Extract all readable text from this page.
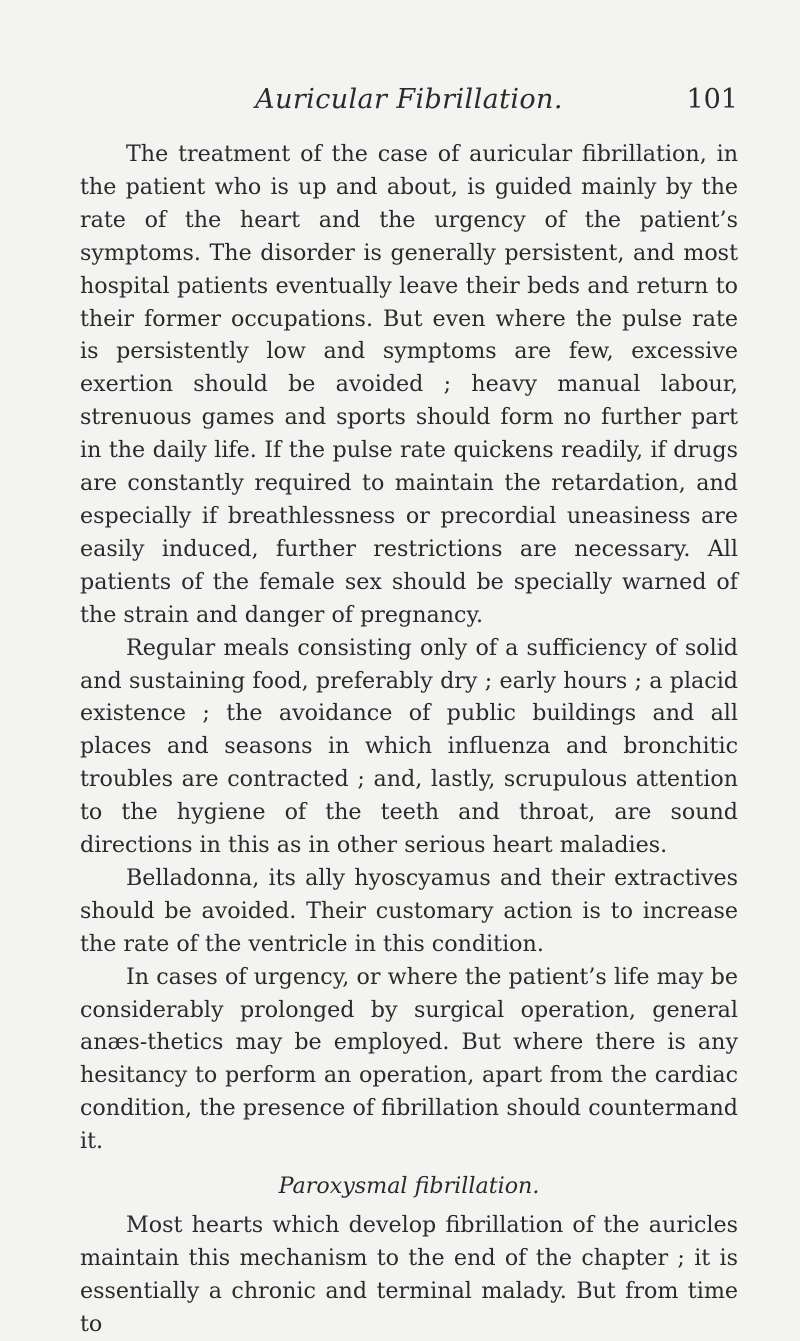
Auricular Fibrillation.	101

The treatment of the case of auricular fibrillation, in the patient who is up and about, is guided mainly by the rate of the heart and the urgency of the patient’s symptoms. The disorder is generally persistent, and most hospital patients eventually leave their beds and return to their former occupations. But even where the pulse rate is persistently low and symptoms are few, excessive exertion should be avoided ; heavy manual labour, strenuous games and sports should form no further part in the daily life. If the pulse rate quickens readily, if drugs are constantly required to maintain the retardation, and especially if breathlessness or precordial uneasiness are easily induced, further restrictions are necessary. All patients of the female sex should be specially warned of the strain and danger of pregnancy.

Regular meals consisting only of a sufficiency of solid and sustaining food, preferably dry ; early hours ; a placid existence ; the avoidance of public buildings and all places and seasons in which influenza and bronchitic troubles are contracted ; and, lastly, scrupulous attention to the hygiene of the teeth and throat, are sound directions in this as in other serious heart maladies.

Belladonna, its ally hyoscyamus and their extractives should be avoided. Their customary action is to increase the rate of the ventricle in this condition.

In cases of urgency, or where the patient’s life may be considerably prolonged by surgical operation, general anæs-thetics may be employed. But where there is any hesitancy to perform an operation, apart from the cardiac condition, the presence of fibrillation should countermand it.

Paroxysmal fibrillation.

Most hearts which develop fibrillation of the auricles maintain this mechanism to the end of the chapter ; it is essentially a chronic and terminal malady. But from time to
